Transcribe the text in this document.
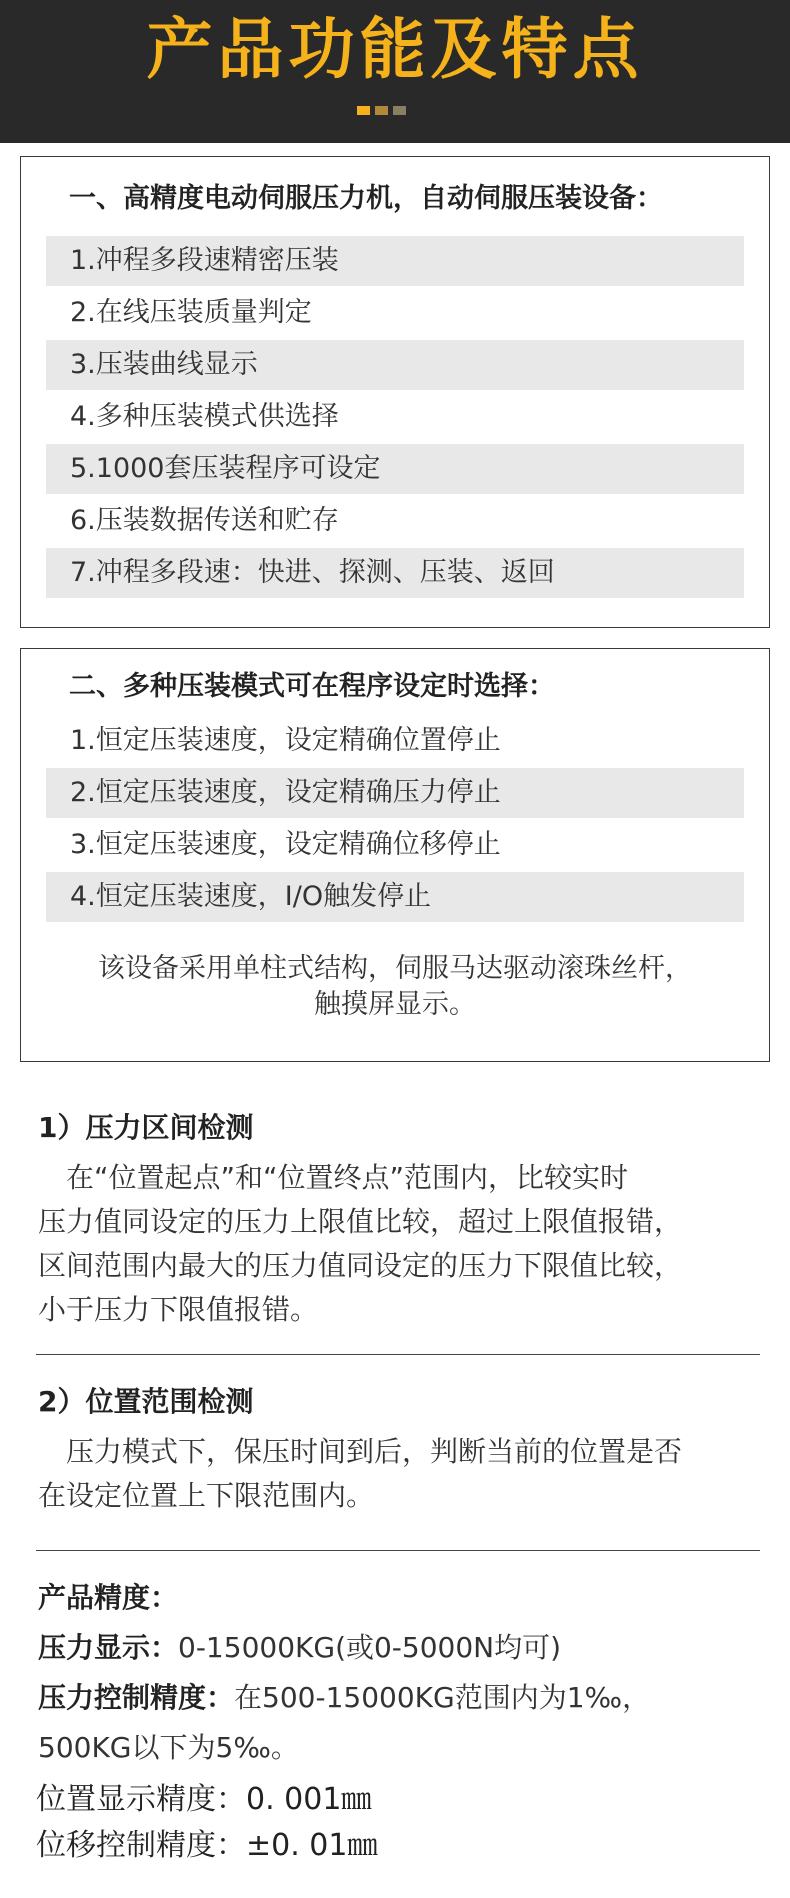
产品功能及特点
一、高精度电动伺服压力机，自动伺服压装设备：
1.冲程多段速精密压装
2.在线压装质量判定
3.压装曲线显示
4.多种压装模式供选择
5.1000套压装程序可设定
6.压装数据传送和贮存
7.冲程多段速：快进、探测、压装、返回
二、多种压装模式可在程序设定时选择：
1.恒定压装速度，设定精确位置停止
2.恒定压装速度，设定精确压力停止
3.恒定压装速度，设定精确位移停止
4.恒定压装速度，I/O触发停止
该设备采用单柱式结构，伺服马达驱动滚珠丝杆，
触摸屏显示。
1）压力区间检测
　在“位置起点”和“位置终点”范围内，比较实时
压力值同设定的压力上限值比较，超过上限值报错，
区间范围内最大的压力值同设定的压力下限值比较，
小于压力下限值报错。
2）位置范围检测
　压力模式下，保压时间到后，判断当前的位置是否
在设定位置上下限范围内。
产品精度：
压力显示：0-15000KG(或0-5000N均可)
压力控制精度：在500-15000KG范围内为1‰，
500KG以下为5‰。
位置显示精度：0. 001㎜
位移控制精度：±0. 01㎜
